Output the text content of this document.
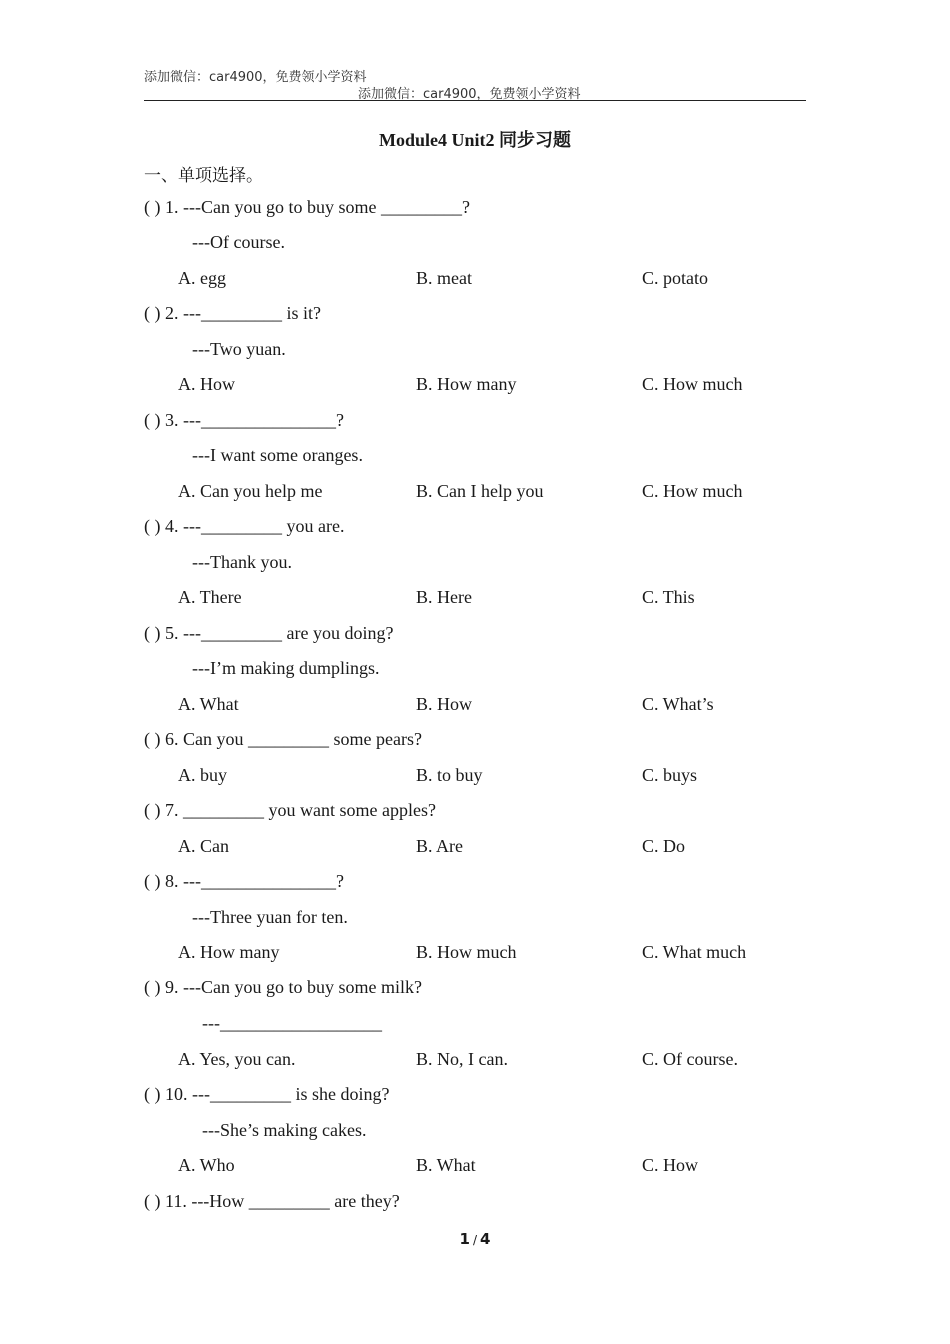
添加微信：car4900，免费领小学资料
添加微信：car4900，免费领小学资料
Module4 Unit2 同步习题
一、单项选择。
( ) 1. ---Can you go to buy some _________?
---Of course.
A. egg	B. meat	C. potato
( ) 2. ---_________ is it?
---Two yuan.
A. How	B. How many	C. How much
( ) 3. ---_______________?
---I want some oranges.
A. Can you help me	B. Can I help you	C. How much
( ) 4. ---_________ you are.
---Thank you.
A. There	B. Here	C. This
( ) 5. ---_________ are you doing?
---I’m making dumplings.
A. What	B. How	C. What’s
( ) 6. Can you _________ some pears?
A. buy	B. to buy	C. buys
( ) 7. _________ you want some apples?
A. Can	B. Are	C. Do
( ) 8. ---_______________?
---Three yuan for ten.
A. How many	B. How much	C. What much
( ) 9. ---Can you go to buy some milk?
---__________________
A. Yes, you can.	B. No, I can.	C. Of course.
( ) 10. ---_________ is she doing?
---She’s making cakes.
A. Who	B. What	C. How
( ) 11. ---How _________ are they?
1 / 4
